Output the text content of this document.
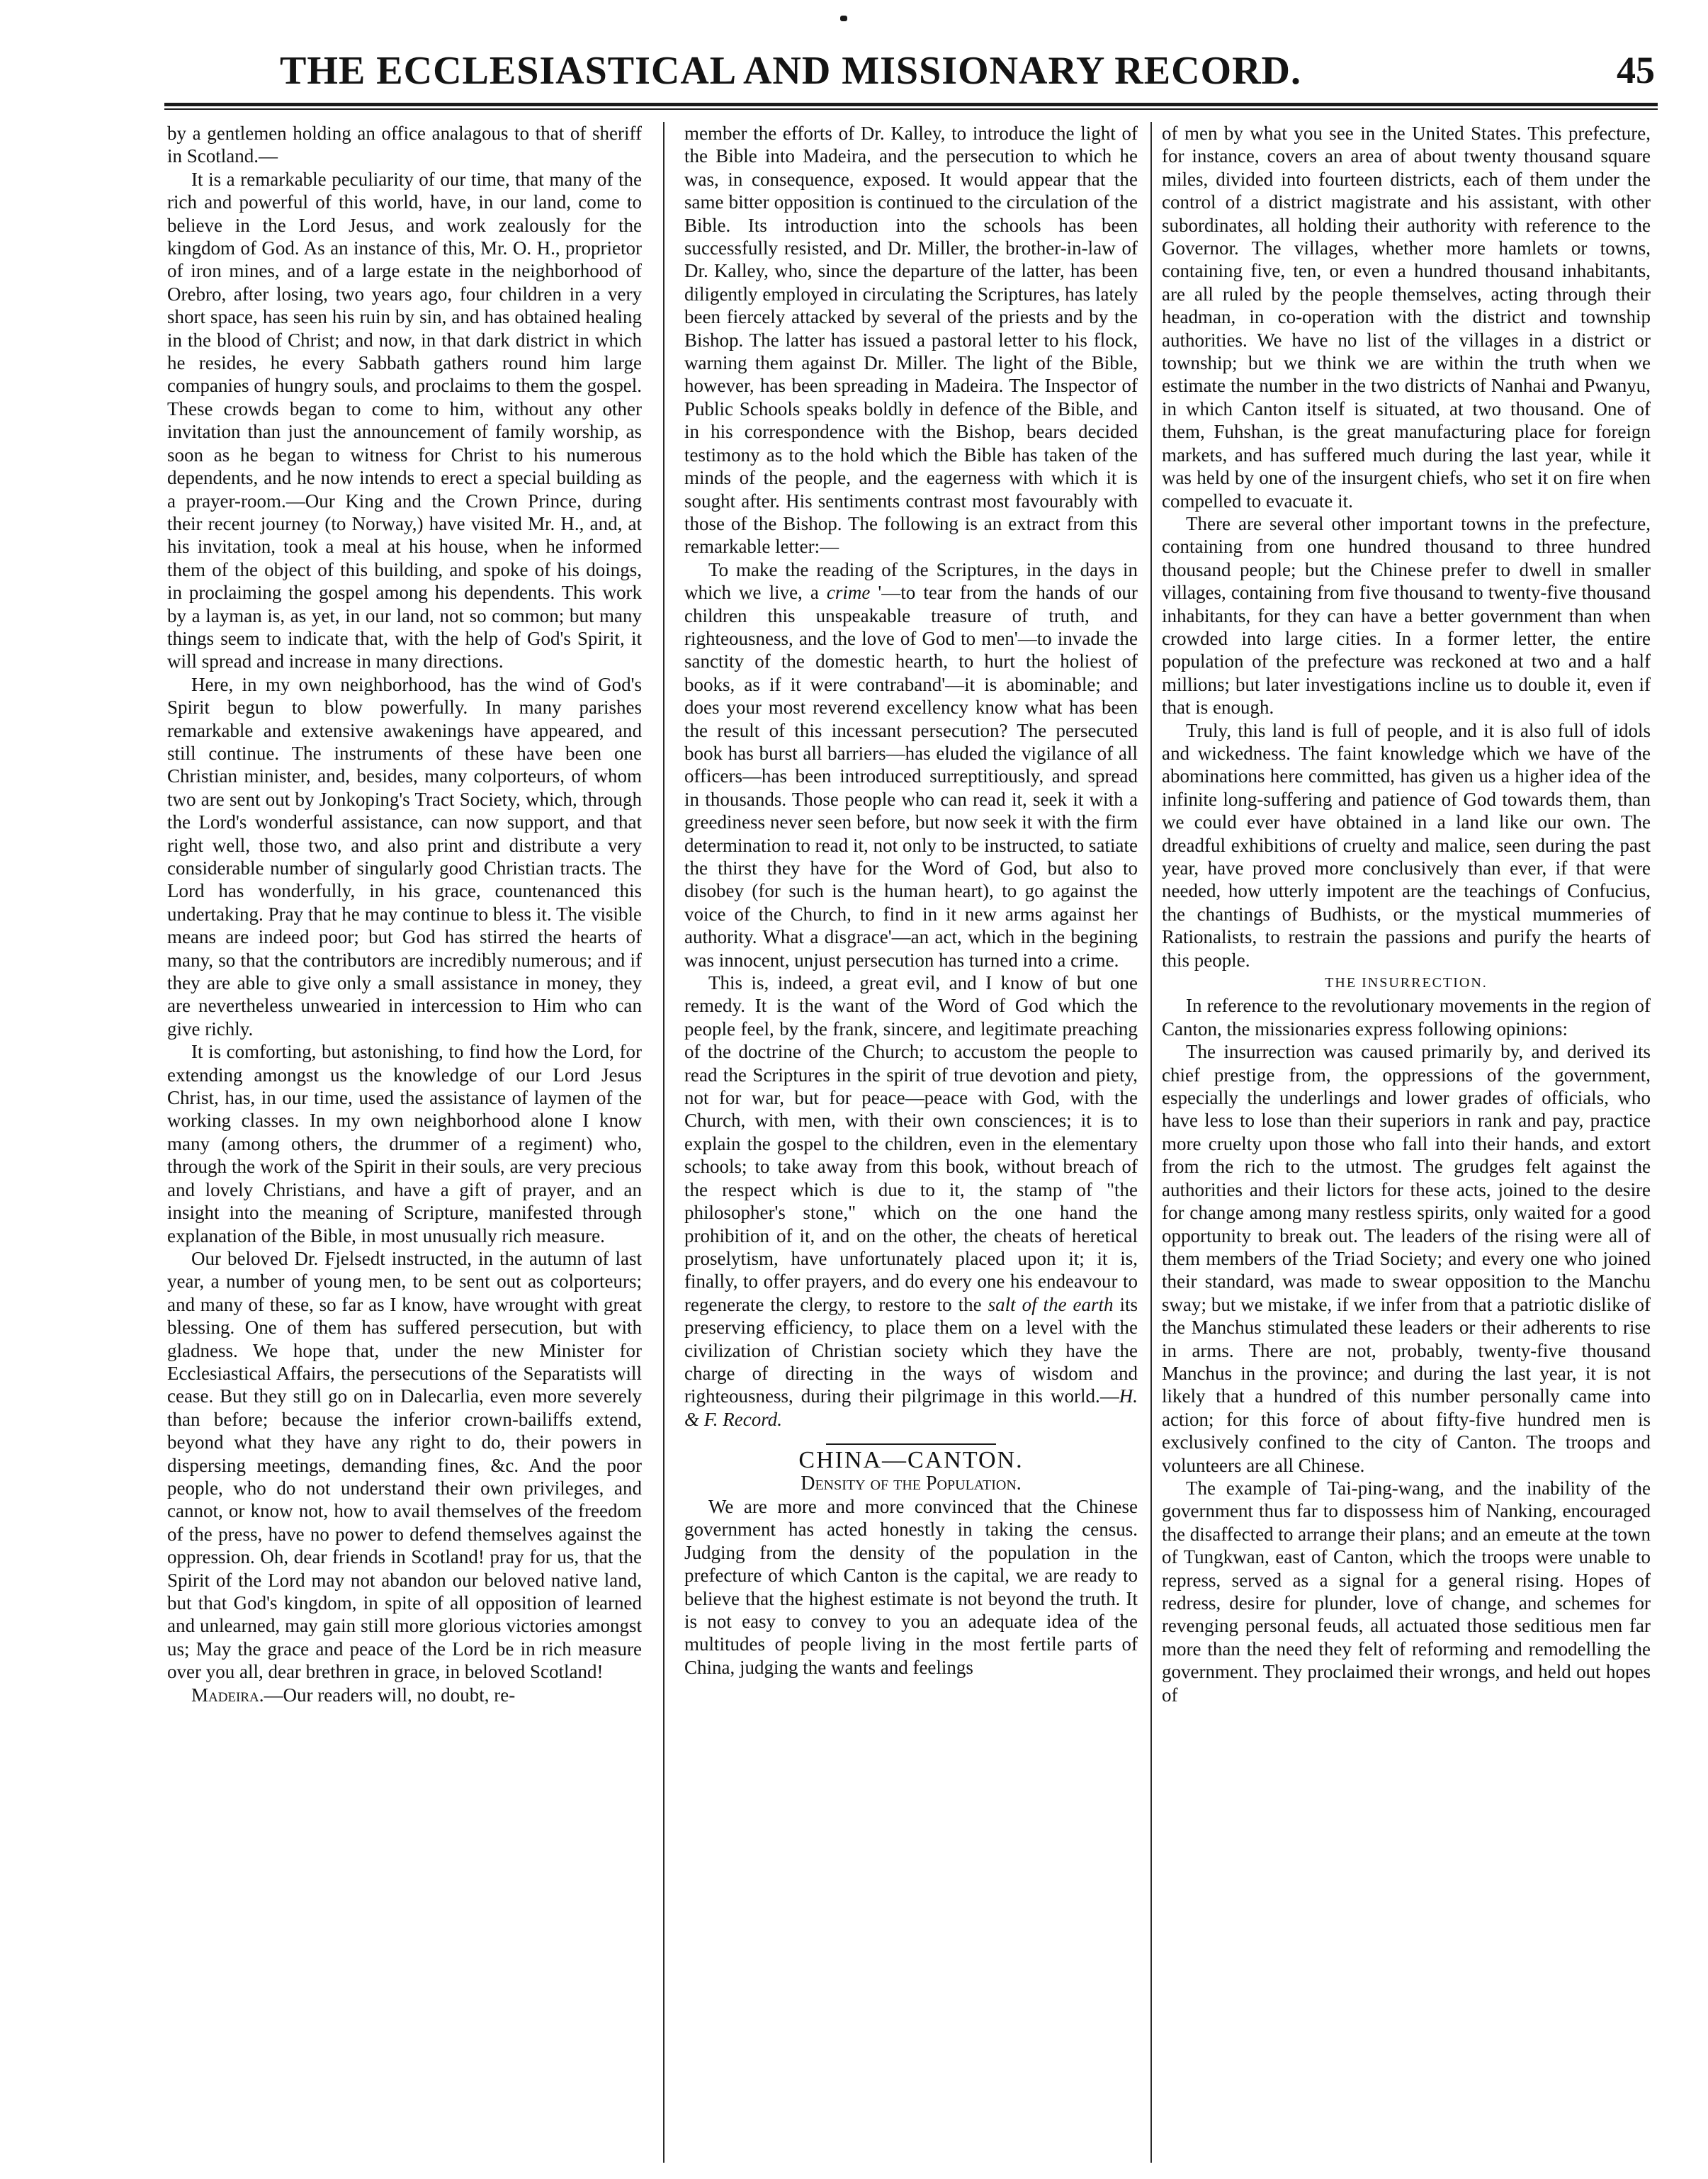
THE ECCLESIASTICAL AND MISSIONARY RECORD.	45

by a gentlemen holding an office analagous to that of sheriff in Scotland.—

It is a remarkable peculiarity of our time, that many of the rich and powerful of this world, have, in our land, come to believe in the Lord Jesus, and work zealously for the kingdom of God. As an instance of this, Mr. O. H., proprietor of iron mines, and of a large estate in the neighborhood of Orebro, after losing, two years ago, four children in a very short space, has seen his ruin by sin, and has obtained healing in the blood of Christ; and now, in that dark district in which he resides, he every Sabbath gathers round him large companies of hungry souls, and proclaims to them the gospel. These crowds began to come to him, without any other invitation than just the announcement of family worship, as soon as he began to witness for Christ to his numerous dependents, and he now intends to erect a special building as a prayer-room.—Our King and the Crown Prince, during their recent journey (to Norway,) have visited Mr. H., and, at his invitation, took a meal at his house, when he informed them of the object of this building, and spoke of his doings, in proclaiming the gospel among his dependents. This work by a layman is, as yet, in our land, not so common; but many things seem to indicate that, with the help of God's Spirit, it will spread and increase in many directions.

Here, in my own neighborhood, has the wind of God's Spirit begun to blow powerfully. In many parishes remarkable and extensive awakenings have appeared, and still continue. The instruments of these have been one Christian minister, and, besides, many colporteurs, of whom two are sent out by Jonkoping's Tract Society, which, through the Lord's wonderful assistance, can now support, and that right well, those two, and also print and distribute a very considerable number of singularly good Christian tracts. The Lord has wonderfully, in his grace, countenanced this undertaking. Pray that he may continue to bless it. The visible means are indeed poor; but God has stirred the hearts of many, so that the contributors are incredibly numerous; and if they are able to give only a small assistance in money, they are nevertheless unwearied in intercession to Him who can give richly.

It is comforting, but astonishing, to find how the Lord, for extending amongst us the knowledge of our Lord Jesus Christ, has, in our time, used the assistance of laymen of the working classes. In my own neighborhood alone I know many (among others, the drummer of a regiment) who, through the work of the Spirit in their souls, are very precious and lovely Christians, and have a gift of prayer, and an insight into the meaning of Scripture, manifested through explanation of the Bible, in most unusually rich measure.

Our beloved Dr. Fjelsedt instructed, in the autumn of last year, a number of young men, to be sent out as colporteurs; and many of these, so far as I know, have wrought with great blessing. One of them has suffered persecution, but with gladness. We hope that, under the new Minister for Ecclesiastical Affairs, the persecutions of the Separatists will cease. But they still go on in Dalecarlia, even more severely than before; because the inferior crown-bailiffs extend, beyond what they have any right to do, their powers in dispersing meetings, demanding fines, &c. And the poor people, who do not understand their own privileges, and cannot, or know not, how to avail themselves of the freedom of the press, have no power to defend themselves against the oppression. Oh, dear friends in Scotland! pray for us, that the Spirit of the Lord may not abandon our beloved native land, but that God's kingdom, in spite of all opposition of learned and unlearned, may gain still more glorious victories amongst us; May the grace and peace of the Lord be in rich measure over you all, dear brethren in grace, in beloved Scotland!

Madeira.—Our readers will, no doubt, re-

member the efforts of Dr. Kalley, to introduce the light of the Bible into Madeira, and the persecution to which he was, in consequence, exposed. It would appear that the same bitter opposition is continued to the circulation of the Bible. Its introduction into the schools has been successfully resisted, and Dr. Miller, the brother-in-law of Dr. Kalley, who, since the departure of the latter, has been diligently employed in circulating the Scriptures, has lately been fiercely attacked by several of the priests and by the Bishop. The latter has issued a pastoral letter to his flock, warning them against Dr. Miller. The light of the Bible, however, has been spreading in Madeira. The Inspector of Public Schools speaks boldly in defence of the Bible, and in his correspondence with the Bishop, bears decided testimony as to the hold which the Bible has taken of the minds of the people, and the eagerness with which it is sought after. His sentiments contrast most favourably with those of the Bishop. The following is an extract from this remarkable letter:—

To make the reading of the Scriptures, in the days in which we live, a crime '—to tear from the hands of our children this unspeakable treasure of truth, and righteousness, and the love of God to men'—to invade the sanctity of the domestic hearth, to hurt the holiest of books, as if it were contraband'—it is abominable; and does your most reverend excellency know what has been the result of this incessant persecution? The persecuted book has burst all barriers—has eluded the vigilance of all officers—has been introduced surreptitiously, and spread in thousands. Those people who can read it, seek it with a greediness never seen before, but now seek it with the firm determination to read it, not only to be instructed, to satiate the thirst they have for the Word of God, but also to disobey (for such is the human heart), to go against the voice of the Church, to find in it new arms against her authority. What a disgrace'—an act, which in the begining was innocent, unjust persecution has turned into a crime.

This is, indeed, a great evil, and I know of but one remedy. It is the want of the Word of God which the people feel, by the frank, sincere, and legitimate preaching of the doctrine of the Church; to accustom the people to read the Scriptures in the spirit of true devotion and piety, not for war, but for peace—peace with God, with the Church, with men, with their own consciences; it is to explain the gospel to the children, even in the elementary schools; to take away from this book, without breach of the respect which is due to it, the stamp of "the philosopher's stone," which on the one hand the prohibition of it, and on the other, the cheats of heretical proselytism, have unfortunately placed upon it; it is, finally, to offer prayers, and do every one his endeavour to regenerate the clergy, to restore to the salt of the earth its preserving efficiency, to place them on a level with the civilization of Christian society which they have the charge of directing in the ways of wisdom and righteousness, during their pilgrimage in this world.—H. & F. Record.

CHINA—CANTON.

Density of the Population.

We are more and more convinced that the Chinese government has acted honestly in taking the census. Judging from the density of the population in the prefecture of which Canton is the capital, we are ready to believe that the highest estimate is not beyond the truth. It is not easy to convey to you an adequate idea of the multitudes of people living in the most fertile parts of China, judging the wants and feelings

of men by what you see in the United States. This prefecture, for instance, covers an area of about twenty thousand square miles, divided into fourteen districts, each of them under the control of a district magistrate and his assistant, with other subordinates, all holding their authority with reference to the Governor. The villages, whether more hamlets or towns, containing five, ten, or even a hundred thousand inhabitants, are all ruled by the people themselves, acting through their headman, in co-operation with the district and township authorities. We have no list of the villages in a district or township; but we think we are within the truth when we estimate the number in the two districts of Nanhai and Pwanyu, in which Canton itself is situated, at two thousand. One of them, Fuhshan, is the great manufacturing place for foreign markets, and has suffered much during the last year, while it was held by one of the insurgent chiefs, who set it on fire when compelled to evacuate it.

There are several other important towns in the prefecture, containing from one hundred thousand to three hundred thousand people; but the Chinese prefer to dwell in smaller villages, containing from five thousand to twenty-five thousand inhabitants, for they can have a better government than when crowded into large cities. In a former letter, the entire population of the prefecture was reckoned at two and a half millions; but later investigations incline us to double it, even if that is enough.

Truly, this land is full of people, and it is also full of idols and wickedness. The faint knowledge which we have of the abominations here committed, has given us a higher idea of the infinite long-suffering and patience of God towards them, than we could ever have obtained in a land like our own. The dreadful exhibitions of cruelty and malice, seen during the past year, have proved more conclusively than ever, if that were needed, how utterly impotent are the teachings of Confucius, the chantings of Budhists, or the mystical mummeries of Rationalists, to restrain the passions and purify the hearts of this people.

THE INSURRECTION.

In reference to the revolutionary movements in the region of Canton, the missionaries express following opinions:

The insurrection was caused primarily by, and derived its chief prestige from, the oppressions of the government, especially the underlings and lower grades of officials, who have less to lose than their superiors in rank and pay, practice more cruelty upon those who fall into their hands, and extort from the rich to the utmost. The grudges felt against the authorities and their lictors for these acts, joined to the desire for change among many restless spirits, only waited for a good opportunity to break out. The leaders of the rising were all of them members of the Triad Society; and every one who joined their standard, was made to swear opposition to the Manchu sway; but we mistake, if we infer from that a patriotic dislike of the Manchus stimulated these leaders or their adherents to rise in arms. There are not, probably, twenty-five thousand Manchus in the province; and during the last year, it is not likely that a hundred of this number personally came into action; for this force of about fifty-five hundred men is exclusively confined to the city of Canton. The troops and volunteers are all Chinese.

The example of Tai-ping-wang, and the inability of the government thus far to dispossess him of Nanking, encouraged the disaffected to arrange their plans; and an emeute at the town of Tungkwan, east of Canton, which the troops were unable to repress, served as a signal for a general rising. Hopes of redress, desire for plunder, love of change, and schemes for revenging personal feuds, all actuated those seditious men far more than the need they felt of reforming and remodelling the government. They proclaimed their wrongs, and held out hopes of
